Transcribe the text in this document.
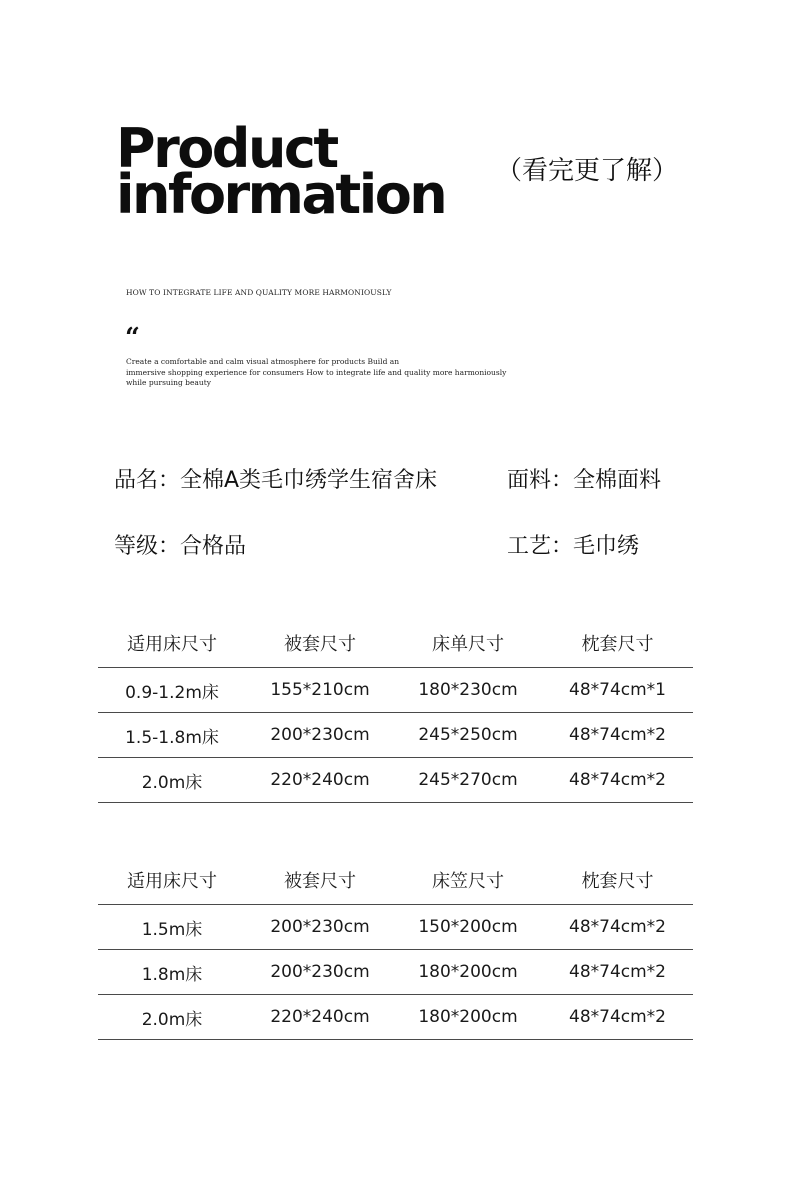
Product
information （看完更了解）
HOW TO INTEGRATE LIFE AND QUALITY MORE HARMONIOUSLY
“
Create a comfortable and calm visual atmosphere for products Build an
immersive shopping experience for consumers How to integrate life and quality more harmoniously
while pursuing beauty
品名：全棉A类毛巾绣学生宿舍床	面料：全棉面料
等级：合格品	工艺：毛巾绣
适用床尺寸	被套尺寸	床单尺寸	枕套尺寸
0.9-1.2m床	155*210cm	180*230cm	48*74cm*1
1.5-1.8m床	200*230cm	245*250cm	48*74cm*2
2.0m床	220*240cm	245*270cm	48*74cm*2
适用床尺寸	被套尺寸	床笠尺寸	枕套尺寸
1.5m床	200*230cm	150*200cm	48*74cm*2
1.8m床	200*230cm	180*200cm	48*74cm*2
2.0m床	220*240cm	180*200cm	48*74cm*2
